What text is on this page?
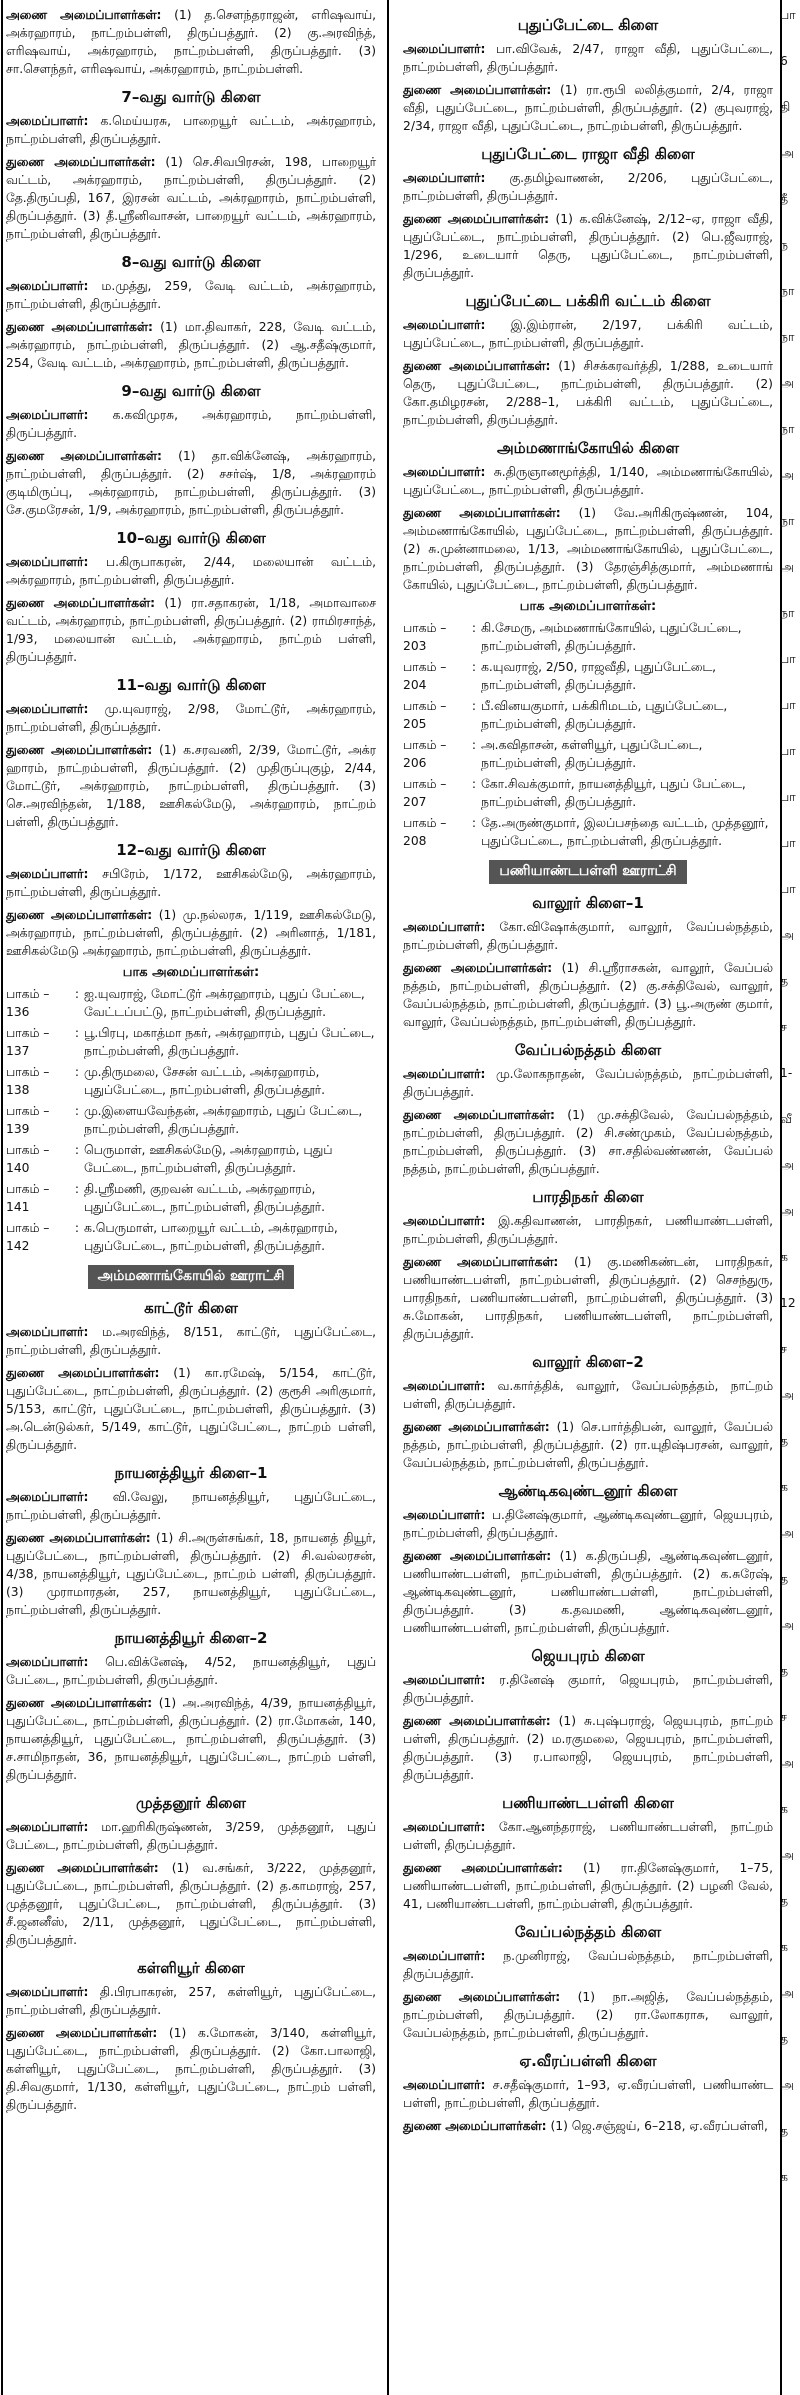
அணை அமைப்பாளர்கள்: (1) த.செளந்தராஜன், எரிஷவாய், அக்ரஹாரம், நாட்றம்பள்ளி, திருப்பத்தூர். (2) கு.அரவிந்த், எரிஷவாய், அக்ரஹாரம், நாட்றம்பள்ளி, திருப்பத்தூர். (3) சா.செளந்தர், எரிஷவாய், அக்ரஹாரம், நாட்றம்பள்ளி.

7–வது வார்டு கிளை

அமைப்பாளர்: க.மெய்யரசு, பாறையூர் வட்டம், அக்ரஹாரம், நாட்றம்பள்ளி, திருப்பத்தூர்.

துணை அமைப்பாளர்கள்: (1) செ.சிவபிரசன், 198, பாறையூர் வட்டம், அக்ரஹாரம், நாட்றம்பள்ளி, திருப்பத்தூர். (2) தே.திருப்பதி, 167, இரசன் வட்டம், அக்ரஹாரம், நாட்றம்பள்ளி, திருப்பத்தூர். (3) தீ.ஸ்ரீனிவாசன், பாறையூர் வட்டம், அக்ரஹாரம், நாட்றம்பள்ளி, திருப்பத்தூர்.

8–வது வார்டு கிளை

அமைப்பாளர்: ம.முத்து, 259, வேடி வட்டம், அக்ரஹாரம், நாட்றம்பள்ளி, திருப்பத்தூர்.

துணை அமைப்பாளர்கள்: (1) மா.திவாகர், 228, வேடி வட்டம், அக்ரஹாரம், நாட்றம்பள்ளி, திருப்பத்தூர். (2) ஆ.சதீஷ்குமார், 254, வேடி வட்டம், அக்ரஹாரம், நாட்றம்பள்ளி, திருப்பத்தூர்.

9–வது வார்டு கிளை

அமைப்பாளர்: க.கவிமுரசு, அக்ரஹாரம், நாட்றம்பள்ளி, திருப்பத்தூர்.

துணை அமைப்பாளர்கள்: (1) தா.விக்னேஷ், அக்ரஹாரம், நாட்றம்பள்ளி, திருப்பத்தூர். (2) சசர்ஷ், 1/8, அக்ரஹாரம் குடிமிருப்பு, அக்ரஹாரம், நாட்றம்பள்ளி, திருப்பத்தூர். (3) சே.குமரேசன், 1/9, அக்ரஹாரம், நாட்றம்பள்ளி, திருப்பத்தூர்.

10–வது வார்டு கிளை

அமைப்பாளர்: ப.கிருபாகரன், 2/44, மலையான் வட்டம், அக்ரஹாரம், நாட்றம்பள்ளி, திருப்பத்தூர்.

துணை அமைப்பாளர்கள்: (1) ரா.சதாகரன், 1/18, அமாவாசை வட்டம், அக்ரஹாரம், நாட்றம்பள்ளி, திருப்பத்தூர். (2) ராமிரசாந்த், 1/93, மலையான் வட்டம், அக்ரஹாரம், நாட்றம் பள்ளி, திருப்பத்தூர்.

11–வது வார்டு கிளை

அமைப்பாளர்: மு.யுவராஜ், 2/98, மோட்டூர், அக்ரஹாரம், நாட்றம்பள்ளி, திருப்பத்தூர்.

துணை அமைப்பாளர்கள்: (1) க.சரவணி, 2/39, மோட்டூர், அக்ர ஹாரம், நாட்றம்பள்ளி, திருப்பத்தூர். (2) முதிருப்புகுழ், 2/44, மோட்டூர், அக்ரஹாரம், நாட்றம்பள்ளி, திருப்பத்தூர். (3) செ.அரவிந்தன், 1/188, ஊசிகல்மேடு, அக்ரஹாரம், நாட்றம் பள்ளி, திருப்பத்தூர்.

12–வது வார்டு கிளை

அமைப்பாளர்: சபிரேம், 1/172, ஊசிகல்மேடு, அக்ரஹாரம், நாட்றம்பள்ளி, திருப்பத்தூர்.

துணை அமைப்பாளர்கள்: (1) மு.நல்லரசு, 1/119, ஊசிகல்மேடு, அக்ரஹாரம், நாட்றம்பள்ளி, திருப்பத்தூர். (2) அரினாத், 1/181, ஊசிகல்மேடு அக்ரஹாரம், நாட்றம்பள்ளி, திருப்பத்தூர்.

பாக அமைப்பாளர்கள்:
பாகம் – 136
: ஐ.யுவராஜ், மோட்டூர் அக்ரஹாரம், புதுப் பேட்டை, வேட்டப்பட்டு, நாட்றம்பள்ளி, திருப்பத்தூர்.
பாகம் – 137
: பூ.பிரபு, மகாத்மா நகர், அக்ரஹாரம், புதுப் பேட்டை, நாட்றம்பள்ளி, திருப்பத்தூர்.
பாகம் – 138
: மு.திருமலை, சேசன் வட்டம், அக்ரஹாரம், புதுப்பேட்டை, நாட்றம்பள்ளி, திருப்பத்தூர்.
பாகம் – 139
: மு.இளையவேந்தன், அக்ரஹாரம், புதுப் பேட்டை, நாட்றம்பள்ளி, திருப்பத்தூர்.
பாகம் – 140
: பெருமாள், ஊசிகல்மேடு, அக்ரஹாரம், புதுப் பேட்டை, நாட்றம்பள்ளி, திருப்பத்தூர்.
பாகம் – 141
: தி.ஸ்ரீமணி, குறவன் வட்டம், அக்ரஹாரம், புதுப்பேட்டை, நாட்றம்பள்ளி, திருப்பத்தூர்.
பாகம் – 142
: க.பெருமாள், பாறையூர் வட்டம், அக்ரஹாரம், புதுப்பேட்டை, நாட்றம்பள்ளி, திருப்பத்தூர்.
அம்மணாங்கோயில் ஊராட்சி
காட்டூர் கிளை

அமைப்பாளர்: ம.அரவிந்த், 8/151, காட்டூர், புதுப்பேட்டை, நாட்றம்பள்ளி, திருப்பத்தூர்.

துணை அமைப்பாளர்கள்: (1) கா.ரமேஷ், 5/154, காட்டூர், புதுப்பேட்டை, நாட்றம்பள்ளி, திருப்பத்தூர். (2) குரூசி அரிகுமார், 5/153, காட்டூர், புதுப்பேட்டை, நாட்றம்பள்ளி, திருப்பத்தூர். (3) அ.டென்டுல்கர், 5/149, காட்டூர், புதுப்பேட்டை, நாட்றம் பள்ளி, திருப்பத்தூர்.

நாயனத்தியூர் கிளை–1

அமைப்பாளர்: வி.வேலு, நாயனத்தியூர், புதுப்பேட்டை, நாட்றம்பள்ளி, திருப்பத்தூர்.

துணை அமைப்பாளர்கள்: (1) சி.அருள்சங்கர், 18, நாயனத் தியூர், புதுப்பேட்டை, நாட்றம்பள்ளி, திருப்பத்தூர். (2) சி.வல்லரசன், 4/38, நாயனத்தியூர், புதுப்பேட்டை, நாட்றம் பள்ளி, திருப்பத்தூர். (3) முராமாரதன், 257, நாயனத்தியூர், புதுப்பேட்டை, நாட்றம்பள்ளி, திருப்பத்தூர்.

நாயனத்தியூர் கிளை–2

அமைப்பாளர்: பெ.விக்னேஷ், 4/52, நாயனத்தியூர், புதுப் பேட்டை, நாட்றம்பள்ளி, திருப்பத்தூர்.

துணை அமைப்பாளர்கள்: (1) அ.அரவிந்த், 4/39, நாயனத்தியூர், புதுப்பேட்டை, நாட்றம்பள்ளி, திருப்பத்தூர். (2) ரா.மோகன், 140, நாயனத்தியூர், புதுப்பேட்டை, நாட்றம்பள்ளி, திருப்பத்தூர். (3) ச.சாமிநாதன், 36, நாயனத்தியூர், புதுப்பேட்டை, நாட்றம் பள்ளி, திருப்பத்தூர்.

முத்தனூர் கிளை

அமைப்பாளர்: மா.ஹரிகிருஷ்ணன், 3/259, முத்தனூர், புதுப் பேட்டை, நாட்றம்பள்ளி, திருப்பத்தூர்.

துணை அமைப்பாளர்கள்: (1) வ.சங்கர், 3/222, முத்தனூர், புதுப்பேட்டை, நாட்றம்பள்ளி, திருப்பத்தூர். (2) த.காமராஜ், 257, முத்தனூர், புதுப்பேட்டை, நாட்றம்பள்ளி, திருப்பத்தூர். (3) சீ.ஜனனீஸ், 2/11, முத்தனூர், புதுப்பேட்டை, நாட்றம்பள்ளி, திருப்பத்தூர்.

கள்ளியூர் கிளை

அமைப்பாளர்: தி.பிரபாகரன், 257, கள்ளியூர், புதுப்பேட்டை, நாட்றம்பள்ளி, திருப்பத்தூர்.

துணை அமைப்பாளர்கள்: (1) க.மோகன், 3/140, கள்ளியூர், புதுப்பேட்டை, நாட்றம்பள்ளி, திருப்பத்தூர். (2) கோ.பாலாஜி, கள்ளியூர், புதுப்பேட்டை, நாட்றம்பள்ளி, திருப்பத்தூர். (3) தி.சிவகுமார், 1/130, கள்ளியூர், புதுப்பேட்டை, நாட்றம் பள்ளி, திருப்பத்தூர்.

புதுப்பேட்டை கிளை

அமைப்பாளர்: பா.விவேக், 2/47, ராஜா வீதி, புதுப்பேட்டை, நாட்றம்பள்ளி, திருப்பத்தூர்.

துணை அமைப்பாளர்கள்: (1) ரா.ரூபி லலித்குமார், 2/4, ராஜா வீதி, புதுப்பேட்டை, நாட்றம்பள்ளி, திருப்பத்தூர். (2) குபுவராஜ், 2/34, ராஜா வீதி, புதுப்பேட்டை, நாட்றம்பள்ளி, திருப்பத்தூர்.

புதுப்பேட்டை ராஜா வீதி கிளை

அமைப்பாளர்: கு.தமிழ்வாணன், 2/206, புதுப்பேட்டை, நாட்றம்பள்ளி, திருப்பத்தூர்.

துணை அமைப்பாளர்கள்: (1) க.விக்னேஷ், 2/12–ஏ, ராஜா வீதி, புதுப்பேட்டை, நாட்றம்பள்ளி, திருப்பத்தூர். (2) பெ.ஜீவராஜ், 1/296, உடையார் தெரு, புதுப்பேட்டை, நாட்றம்பள்ளி, திருப்பத்தூர்.

புதுப்பேட்டை பக்கிரி வட்டம் கிளை

அமைப்பாளர்: இ.இம்ரான், 2/197, பக்கிரி வட்டம், புதுப்பேட்டை, நாட்றம்பள்ளி, திருப்பத்தூர்.

துணை அமைப்பாளர்கள்: (1) சிசக்கரவர்த்தி, 1/288, உடையார் தெரு, புதுப்பேட்டை, நாட்றம்பள்ளி, திருப்பத்தூர். (2) கோ.தமிழரசன், 2/288–1, பக்கிரி வட்டம், புதுப்பேட்டை, நாட்றம்பள்ளி, திருப்பத்தூர்.

அம்மணாங்கோயில் கிளை

அமைப்பாளர்: சு.திருஞானமூர்த்தி, 1/140, அம்மணாங்கோயில், புதுப்பேட்டை, நாட்றம்பள்ளி, திருப்பத்தூர்.

துணை அமைப்பாளர்கள்: (1) வே.அரிகிருஷ்ணன், 104, அம்மணாங்கோயில், புதுப்பேட்டை, நாட்றம்பள்ளி, திருப்பத்தூர். (2) சு.முன்னாமலை, 1/13, அம்மணாங்கோயில், புதுப்பேட்டை, நாட்றம்பள்ளி, திருப்பத்தூர். (3) தேரஞ்சித்குமார், அம்மணாங் கோயில், புதுப்பேட்டை, நாட்றம்பள்ளி, திருப்பத்தூர்.

பாக அமைப்பாளர்கள்:
பாகம் – 203
: கி.சேமரு, அம்மணாங்கோயில், புதுப்பேட்டை, நாட்றம்பள்ளி, திருப்பத்தூர்.
பாகம் – 204
: க.யுவராஜ், 2/50, ராஜவீதி, புதுப்பேட்டை, நாட்றம்பள்ளி, திருப்பத்தூர்.
பாகம் – 205
: பீ.வினயகுமார், பக்கிரிமடம், புதுப்பேட்டை, நாட்றம்பள்ளி, திருப்பத்தூர்.
பாகம் – 206
: அ.கவிதாசன், கள்ளியூர், புதுப்பேட்டை, நாட்றம்பள்ளி, திருப்பத்தூர்.
பாகம் – 207
: கோ.சிவக்குமார், நாயனத்தியூர், புதுப் பேட்டை, நாட்றம்பள்ளி, திருப்பத்தூர்.
பாகம் – 208
: தே.அருண்குமார், இலப்பசந்தை வட்டம், முத்தனூர், புதுப்பேட்டை, நாட்றம்பள்ளி, திருப்பத்தூர்.
பணியாண்டபள்ளி ஊராட்சி
வாலூர் கிளை–1

அமைப்பாளர்: கோ.விஷோக்குமார், வாலூர், வேப்பல்நத்தம், நாட்றம்பள்ளி, திருப்பத்தூர்.

துணை அமைப்பாளர்கள்: (1) சி.ஸ்ரீராசகன், வாலூர், வேப்பல் நத்தம், நாட்றம்பள்ளி, திருப்பத்தூர். (2) கு.சக்திவேல், வாலூர், வேப்பல்நத்தம், நாட்றம்பள்ளி, திருப்பத்தூர். (3) பூ.அருண் குமார், வாலூர், வேப்பல்நத்தம், நாட்றம்பள்ளி, திருப்பத்தூர்.

வேப்பல்நத்தம் கிளை

அமைப்பாளர்: மு.லோகநாதன், வேப்பல்நத்தம், நாட்றம்பள்ளி, திருப்பத்தூர்.

துணை அமைப்பாளர்கள்: (1) மு.சக்திவேல், வேப்பல்நத்தம், நாட்றம்பள்ளி, திருப்பத்தூர். (2) சி.சண்முகம், வேப்பல்நத்தம், நாட்றம்பள்ளி, திருப்பத்தூர். (3) சா.சதில்வண்ணன், வேப்பல் நத்தம், நாட்றம்பள்ளி, திருப்பத்தூர்.

பாரதிநகர் கிளை

அமைப்பாளர்: இ.கதிவாணன், பாரதிநகர், பணியாண்டபள்ளி, நாட்றம்பள்ளி, திருப்பத்தூர்.

துணை அமைப்பாளர்கள்: (1) கு.மணிகண்டன், பாரதிநகர், பணியாண்டபள்ளி, நாட்றம்பள்ளி, திருப்பத்தூர். (2) செசந்துரு, பாரதிநகர், பணியாண்டபள்ளி, நாட்றம்பள்ளி, திருப்பத்தூர். (3) சு.மோகன், பாரதிநகர், பணியாண்டபள்ளி, நாட்றம்பள்ளி, திருப்பத்தூர்.

வாலூர் கிளை–2

அமைப்பாளர்: வ.கார்த்திக், வாலூர், வேப்பல்நத்தம், நாட்றம் பள்ளி, திருப்பத்தூர்.

துணை அமைப்பாளர்கள்: (1) செ.பார்த்திபன், வாலூர், வேப்பல் நத்தம், நாட்றம்பள்ளி, திருப்பத்தூர். (2) ரா.யுதிஷ்பரசன், வாலூர், வேப்பல்நத்தம், நாட்றம்பள்ளி, திருப்பத்தூர்.

ஆண்டிகவுண்டனூர் கிளை

அமைப்பாளர்: ப.தினேஷ்குமார், ஆண்டிகவுண்டனூர், ஜெயபுரம், நாட்றம்பள்ளி, திருப்பத்தூர்.

துணை அமைப்பாளர்கள்: (1) க.திருப்பதி, ஆண்டிகவுண்டனூர், பணியாண்டபள்ளி, நாட்றம்பள்ளி, திருப்பத்தூர். (2) க.சுரேஷ், ஆண்டிகவுண்டனூர், பணியாண்டபள்ளி, நாட்றம்பள்ளி, திருப்பத்தூர். (3) க.தவமணி, ஆண்டிகவுண்டனூர், பணியாண்டபள்ளி, நாட்றம்பள்ளி, திருப்பத்தூர்.

ஜெயபுரம் கிளை

அமைப்பாளர்: ர.தினேஷ் குமார், ஜெயபுரம், நாட்றம்பள்ளி, திருப்பத்தூர்.

துணை அமைப்பாளர்கள்: (1) சு.புஷ்பராஜ், ஜெயபுரம், நாட்றம் பள்ளி, திருப்பத்தூர். (2) ம.ரகுமலை, ஜெயபுரம், நாட்றம்பள்ளி, திருப்பத்தூர். (3) ர.பாலாஜி, ஜெயபுரம், நாட்றம்பள்ளி, திருப்பத்தூர்.

பணியாண்டபள்ளி கிளை

அமைப்பாளர்: கோ.ஆனந்தராஜ், பணியாண்டபள்ளி, நாட்றம் பள்ளி, திருப்பத்தூர்.

துணை அமைப்பாளர்கள்: (1) ரா.தினேஷ்குமார், 1–75, பணியாண்டபள்ளி, நாட்றம்பள்ளி, திருப்பத்தூர். (2) பழனி வேல், 41, பணியாண்டபள்ளி, நாட்றம்பள்ளி, திருப்பத்தூர்.

வேப்பல்நத்தம் கிளை

அமைப்பாளர்: ந.முனிராஜ், வேப்பல்நத்தம், நாட்றம்பள்ளி, திருப்பத்தூர்.

துணை அமைப்பாளர்கள்: (1) நா.அஜித், வேப்பல்நத்தம், நாட்றம்பள்ளி, திருப்பத்தூர். (2) ரா.லோகராசு, வாலூர், வேப்பல்நத்தம், நாட்றம்பள்ளி, திருப்பத்தூர்.

ஏ.வீரப்பள்ளி கிளை

அமைப்பாளர்: ச.சதீஷ்குமார், 1–93, ஏ.வீரப்பள்ளி, பணியாண்ட பள்ளி, நாட்றம்பள்ளி, திருப்பத்தூர்.

துணை அமைப்பாளர்கள்: (1) ஜெ.சஞ்ஜய், 6–218, ஏ.வீரப்பள்ளி,

பா
6
தி
அ
தீ
ந
நா
நா
அ
நா
அ
நா
அ
நா
பா
பா
பா
பா
பா
பா
அ
த
ச
1-
வீ
அ
அ
க
12
ச
அ
த
க
அ
த
அ
த
ச
அ
க
அ
த
க
அ
த
அ
த
க
